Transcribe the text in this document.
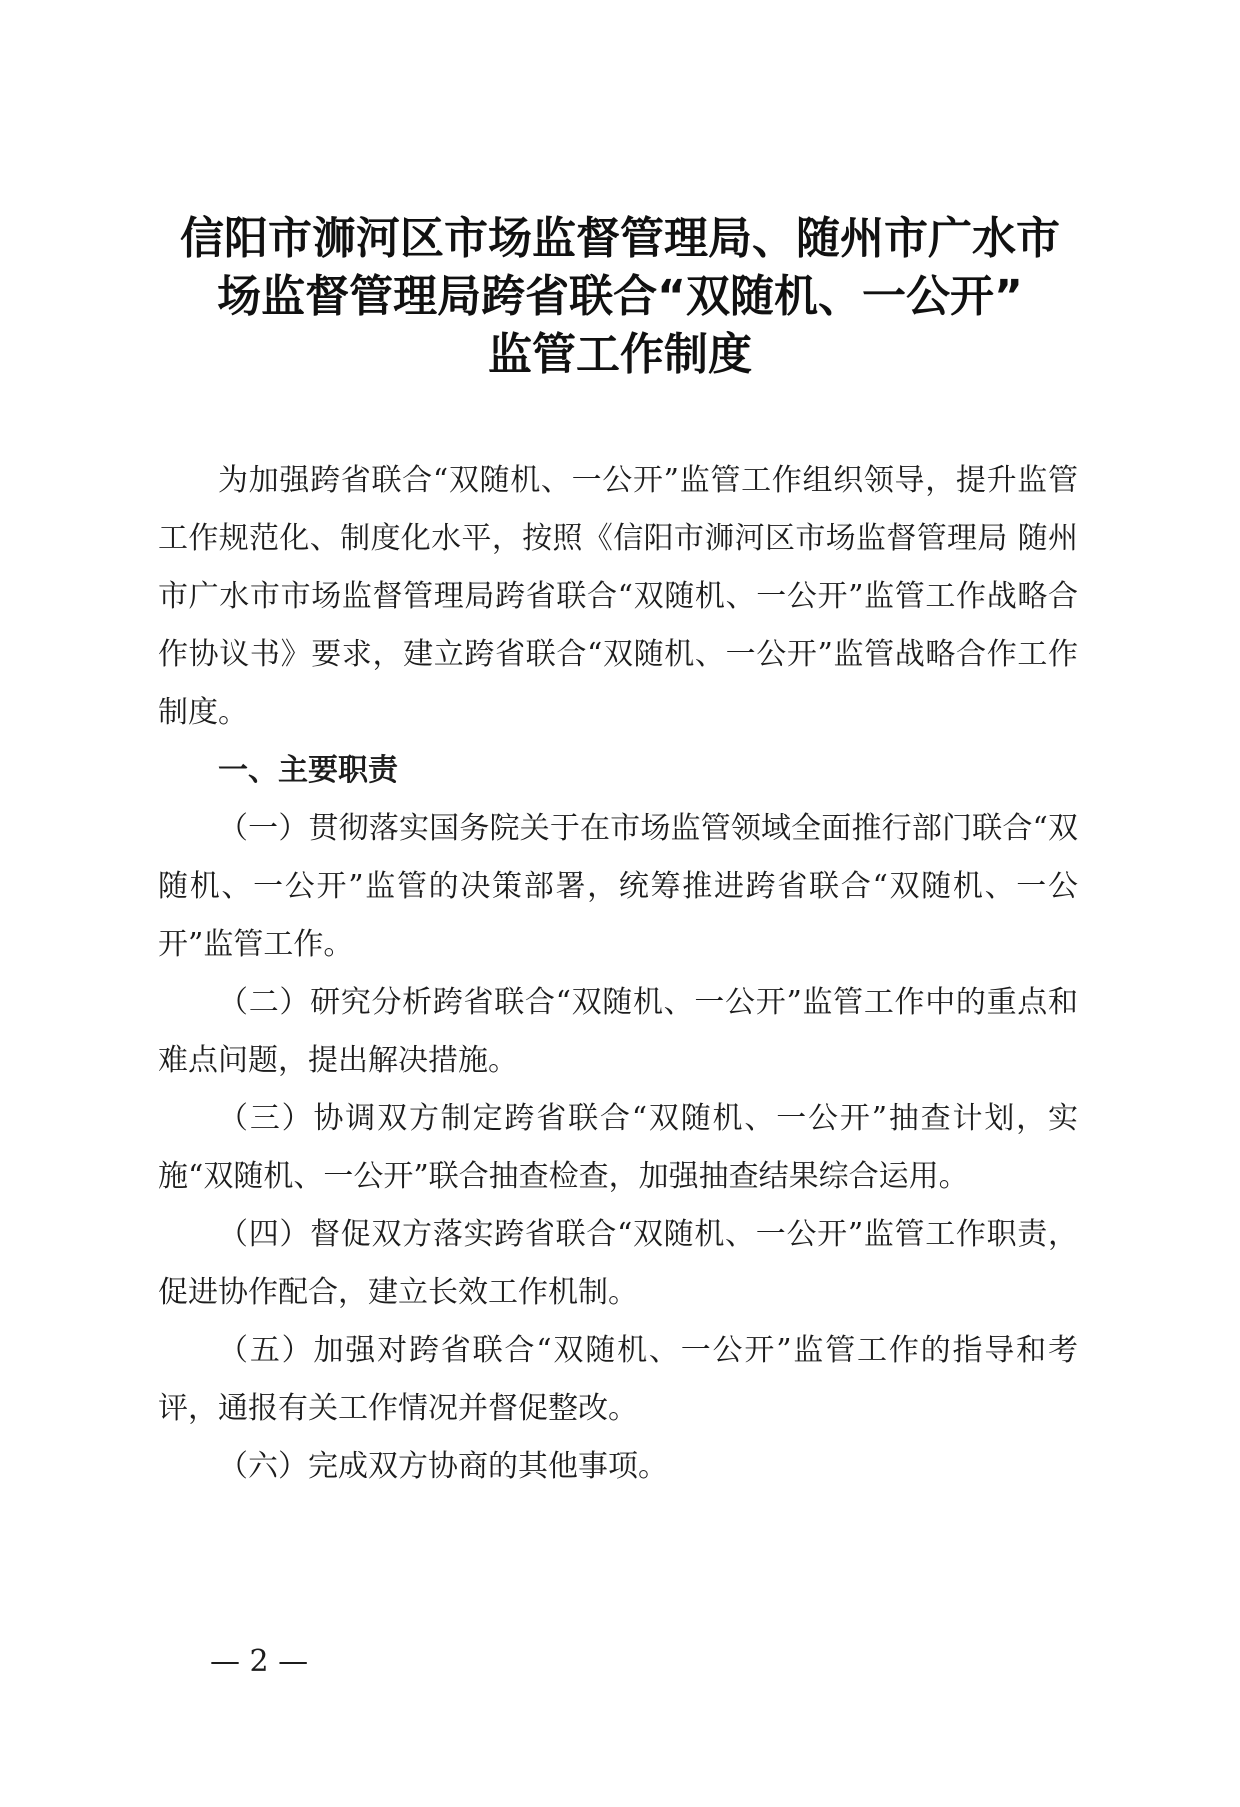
信阳市浉河区市场监督管理局、随州市广水市
场监督管理局跨省联合“双随机、一公开”
监管工作制度

为加强跨省联合“双随机、一公开”监管工作组织领导，提升监管工作规范化、制度化水平，按照《信阳市浉河区市场监督管理局 随州市广水市市场监督管理局跨省联合“双随机、一公开”监管工作战略合作协议书》要求，建立跨省联合“双随机、一公开”监管战略合作工作制度。

一、主要职责

（一）贯彻落实国务院关于在市场监管领域全面推行部门联合“双随机、一公开”监管的决策部署，统筹推进跨省联合“双随机、一公开”监管工作。

（二）研究分析跨省联合“双随机、一公开”监管工作中的重点和难点问题，提出解决措施。

（三）协调双方制定跨省联合“双随机、一公开”抽查计划，实施“双随机、一公开”联合抽查检查，加强抽查结果综合运用。

（四）督促双方落实跨省联合“双随机、一公开”监管工作职责，促进协作配合，建立长效工作机制。

（五）加强对跨省联合“双随机、一公开”监管工作的指导和考评，通报有关工作情况并督促整改。

（六）完成双方协商的其他事项。

— 2 —
